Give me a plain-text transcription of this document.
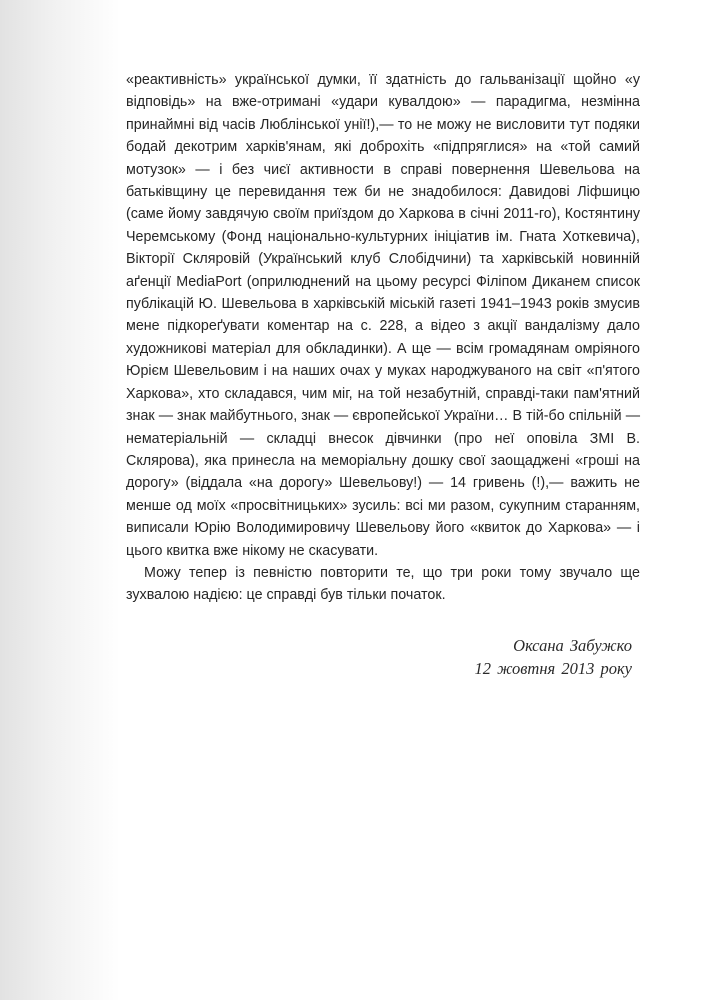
«реактивність» української думки, її здатність до гальванізації щойно «у відповідь» на вже-отримані «удари кувалдою» — парадигма, незмінна принаймні від часів Люблінської унії!),— то не можу не висловити тут подяки бодай декотрим харків'янам, які доброхіть «підпряглися» на «той самий мотузок» — і без чиєї активности в справі повернення Шевельова на батьківщину це перевидання теж би не знадобилося: Давидові Ліфшицю (саме йому завдячую своїм приїздом до Харкова в січні 2011-го), Костянтину Черемському (Фонд національно-культурних ініціатив ім. Гната Хоткевича), Вікторії Скляровій (Український клуб Слобідчини) та харківській новинній аґенції MediaPort (оприлюднений на цьому ресурсі Філіпом Диканем список публікацій Ю. Шевельова в харківській міській газеті 1941–1943 років змусив мене підкореґувати коментар на с. 228, а відео з акції вандалізму дало художникові матеріал для обкладинки). А ще — всім громадянам омріяного Юрієм Шевельовим і на наших очах у муках народжуваного на світ «п'ятого Харкова», хто складався, чим міг, на той незабутній, справді-таки пам'ятний знак — знак майбутнього, знак — європейської України… В тій-бо спільній — нематеріальній — складці внесок дівчинки (про неї оповіла ЗМІ В. Склярова), яка принесла на меморіальну дошку свої заощаджені «гроші на дорогу» (віддала «на дорогу» Шевельову!) — 14 гривень (!),— важить не менше од моїх «просвітницьких» зусиль: всі ми разом, сукупним старанням, виписали Юрію Володимировичу Шевельову його «квиток до Харкова» — і цього квитка вже нікому не скасувати.

Можу тепер із певністю повторити те, що три роки тому звучало ще зухвалою надією: це справді був тільки початок.

Оксана Забужко
12 жовтня 2013 року
